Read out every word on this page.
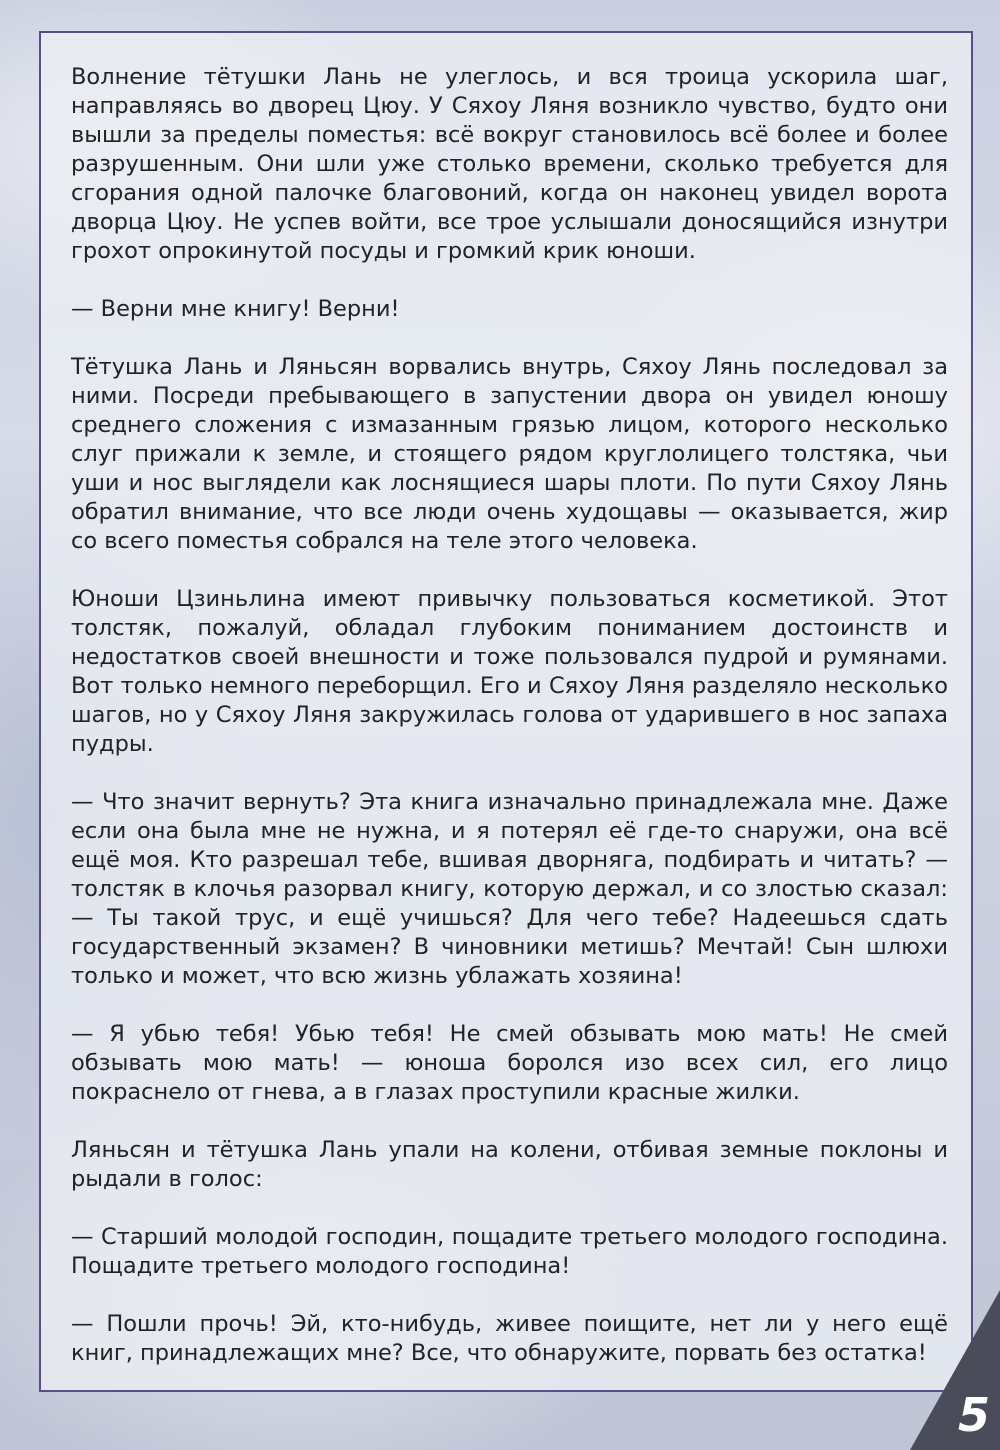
Волнение тётушки Лань не улеглось, и вся троица ускорила шаг, направляясь во дворец Цюу. У Сяхоу Ляня возникло чувство, будто они вышли за пределы поместья: всё вокруг становилось всё более и более разрушенным. Они шли уже столько времени, сколько требуется для сгорания одной палочке благовоний, когда он наконец увидел ворота дворца Цюу. Не успев войти, все трое услышали доносящийся изнутри грохот опрокинутой посуды и громкий крик юноши.

— Верни мне книгу! Верни!

Тётушка Лань и Ляньсян ворвались внутрь, Сяхоу Лянь последовал за ними. Посреди пребывающего в запустении двора он увидел юношу среднего сложения с измазанным грязью лицом, которого несколько слуг прижали к земле, и стоящего рядом круглолицего толстяка, чьи уши и нос выглядели как лоснящиеся шары плоти. По пути Сяхоу Лянь обратил внимание, что все люди очень худощавы — оказывается, жир со всего поместья собрался на теле этого человека.

Юноши Цзиньлина имеют привычку пользоваться косметикой. Этот толстяк, пожалуй, обладал глубоким пониманием достоинств и недостатков своей внешности и тоже пользовался пудрой и румянами. Вот только немного переборщил. Его и Сяхоу Ляня разделяло несколько шагов, но у Сяхоу Ляня закружилась голова от ударившего в нос запаха пудры.

— Что значит вернуть? Эта книга изначально принадлежала мне. Даже если она была мне не нужна, и я потерял её где-то снаружи, она всё ещё моя. Кто разрешал тебе, вшивая дворняга, подбирать и читать? — толстяк в клочья разорвал книгу, которую держал, и со злостью сказал: — Ты такой трус, и ещё учишься? Для чего тебе? Надеешься сдать государственный экзамен? В чиновники метишь? Мечтай! Сын шлюхи только и может, что всю жизнь ублажать хозяина!

— Я убью тебя! Убью тебя! Не смей обзывать мою мать! Не смей обзывать мою мать! — юноша боролся изо всех сил, его лицо покраснело от гнева, а в глазах проступили красные жилки.

Ляньсян и тётушка Лань упали на колени, отбивая земные поклоны и рыдали в голос:

— Старший молодой господин, пощадите третьего молодого господина. Пощадите третьего молодого господина!

— Пошли прочь! Эй, кто-нибудь, живее поищите, нет ли у него ещё книг, принадлежащих мне? Все, что обнаружите, порвать без остатка!

5
